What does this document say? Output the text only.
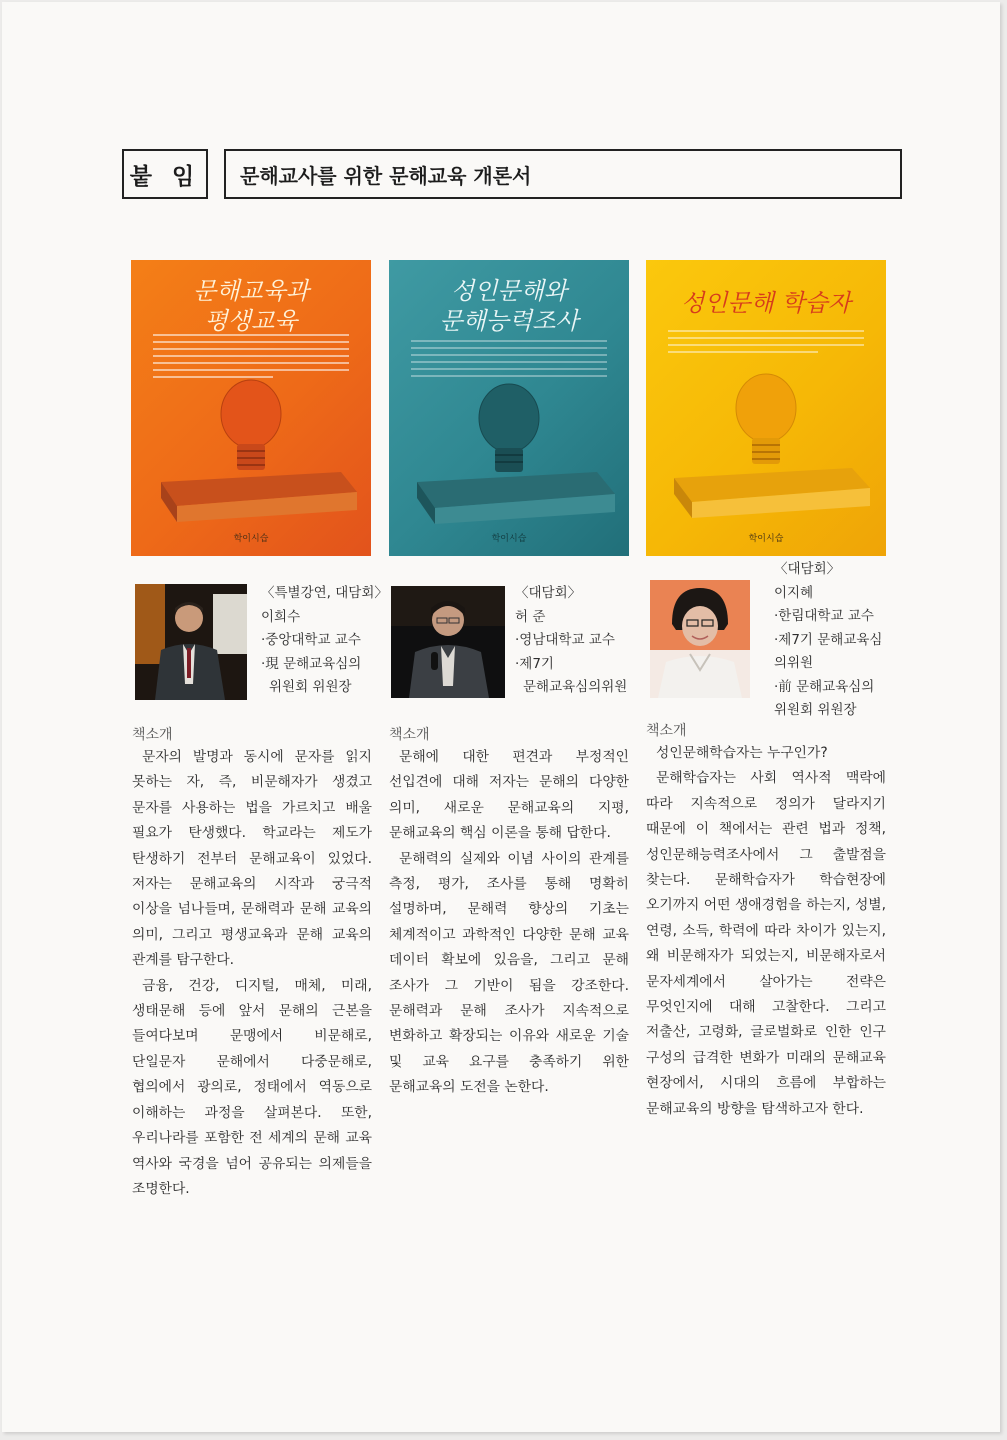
붙 임	문해교사를 위한 문해교육 개론서
문해교육과
평생교육
학이시습
성인문해와
문해능력조사
학이시습
성인문해 학습자
학이시습
〈특별강연, 대담회〉
이희수
·중앙대학교 교수
·現 문해교육심의
위원회 위원장
〈대담회〉
허 준
·영남대학교 교수
·제7기
문해교육심의위원
〈대담회〉
이지혜
·한림대학교 교수
·제7기 문해교육심
의위원
·前 문해교육심의
위원회 위원장
책소개

문자의 발명과 동시에 문자를 읽지 못하는 자, 즉, 비문해자가 생겼고 문자를 사용하는 법을 가르치고 배울 필요가 탄생했다. 학교라는 제도가 탄생하기 전부터 문해교육이 있었다. 저자는 문해교육의 시작과 궁극적 이상을 넘나들며, 문해력과 문해 교육의 의미, 그리고 평생교육과 문해 교육의 관계를 탐구한다.

금융, 건강, 디지털, 매체, 미래, 생태문해 등에 앞서 문해의 근본을 들여다보며 문맹에서 비문해로, 단일문자 문해에서 다중문해로, 협의에서 광의로, 정태에서 역동으로 이해하는 과정을 살펴본다. 또한, 우리나라를 포함한 전 세계의 문해 교육 역사와 국경을 넘어 공유되는 의제들을 조명한다.

책소개

문해에 대한 편견과 부정적인 선입견에 대해 저자는 문해의 다양한 의미, 새로운 문해교육의 지평, 문해교육의 핵심 이론을 통해 답한다.

문해력의 실제와 이념 사이의 관계를 측정, 평가, 조사를 통해 명확히 설명하며, 문해력 향상의 기초는 체계적이고 과학적인 다양한 문해 교육 데이터 확보에 있음을, 그리고 문해 조사가 그 기반이 됨을 강조한다. 문해력과 문해 조사가 지속적으로 변화하고 확장되는 이유와 새로운 기술 및 교육 요구를 충족하기 위한 문해교육의 도전을 논한다.

책소개

성인문해학습자는 누구인가?

문해학습자는 사회 역사적 맥락에 따라 지속적으로 정의가 달라지기 때문에 이 책에서는 관련 법과 정책, 성인문해능력조사에서 그 출발점을 찾는다. 문해학습자가 학습현장에 오기까지 어떤 생애경험을 하는지, 성별, 연령, 소득, 학력에 따라 차이가 있는지, 왜 비문해자가 되었는지, 비문해자로서 문자세계에서 살아가는 전략은 무엇인지에 대해 고찰한다. 그리고 저출산, 고령화, 글로벌화로 인한 인구 구성의 급격한 변화가 미래의 문해교육 현장에서, 시대의 흐름에 부합하는 문해교육의 방향을 탐색하고자 한다.
